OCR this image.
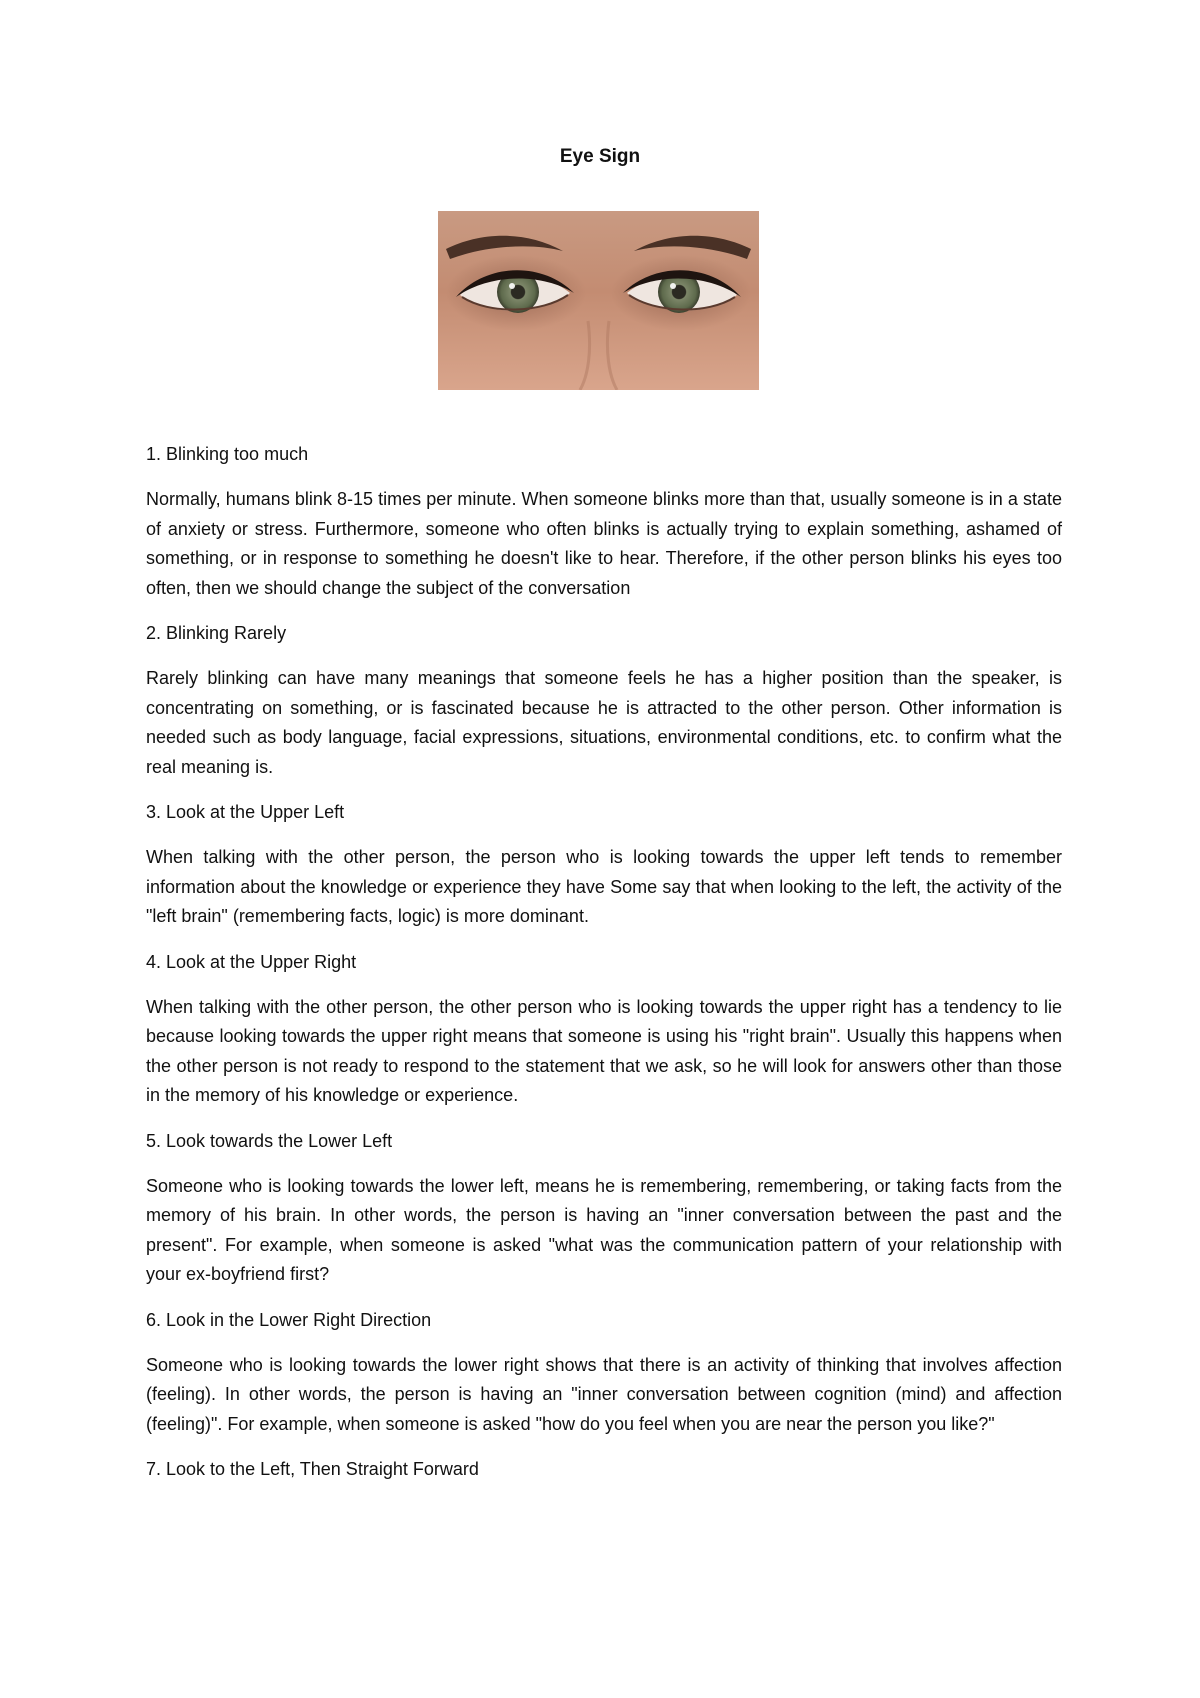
Eye Sign
1. Blinking too much
Normally, humans blink 8-15 times per minute. When someone blinks more than that, usually someone is in a state of anxiety or stress. Furthermore, someone who often blinks is actually trying to explain something, ashamed of something, or in response to something he doesn't like to hear. Therefore, if the other person blinks his eyes too often, then we should change the subject of the conversation
2. Blinking Rarely
Rarely blinking can have many meanings that someone feels he has a higher position than the speaker, is concentrating on something, or is fascinated because he is attracted to the other person. Other information is needed such as body language, facial expressions, situations, environmental conditions, etc. to confirm what the real meaning is.
3. Look at the Upper Left
When talking with the other person, the person who is looking towards the upper left tends to remember information about the knowledge or experience they have Some say that when looking to the left, the activity of the "left brain" (remembering facts, logic) is more dominant.
4. Look at the Upper Right
When talking with the other person, the other person who is looking towards the upper right has a tendency to lie because looking towards the upper right means that someone is using his "right brain". Usually this happens when the other person is not ready to respond to the statement that we ask, so he will look for answers other than those in the memory of his knowledge or experience.
5. Look towards the Lower Left
Someone who is looking towards the lower left, means he is remembering, remembering, or taking facts from the memory of his brain. In other words, the person is having an "inner conversation between the past and the present". For example, when someone is asked "what was the communication pattern of your relationship with your ex-boyfriend first?
6. Look in the Lower Right Direction
Someone who is looking towards the lower right shows that there is an activity of thinking that involves affection (feeling). In other words, the person is having an "inner conversation between cognition (mind) and affection (feeling)". For example, when someone is asked "how do you feel when you are near the person you like?"
7. Look to the Left, Then Straight Forward
